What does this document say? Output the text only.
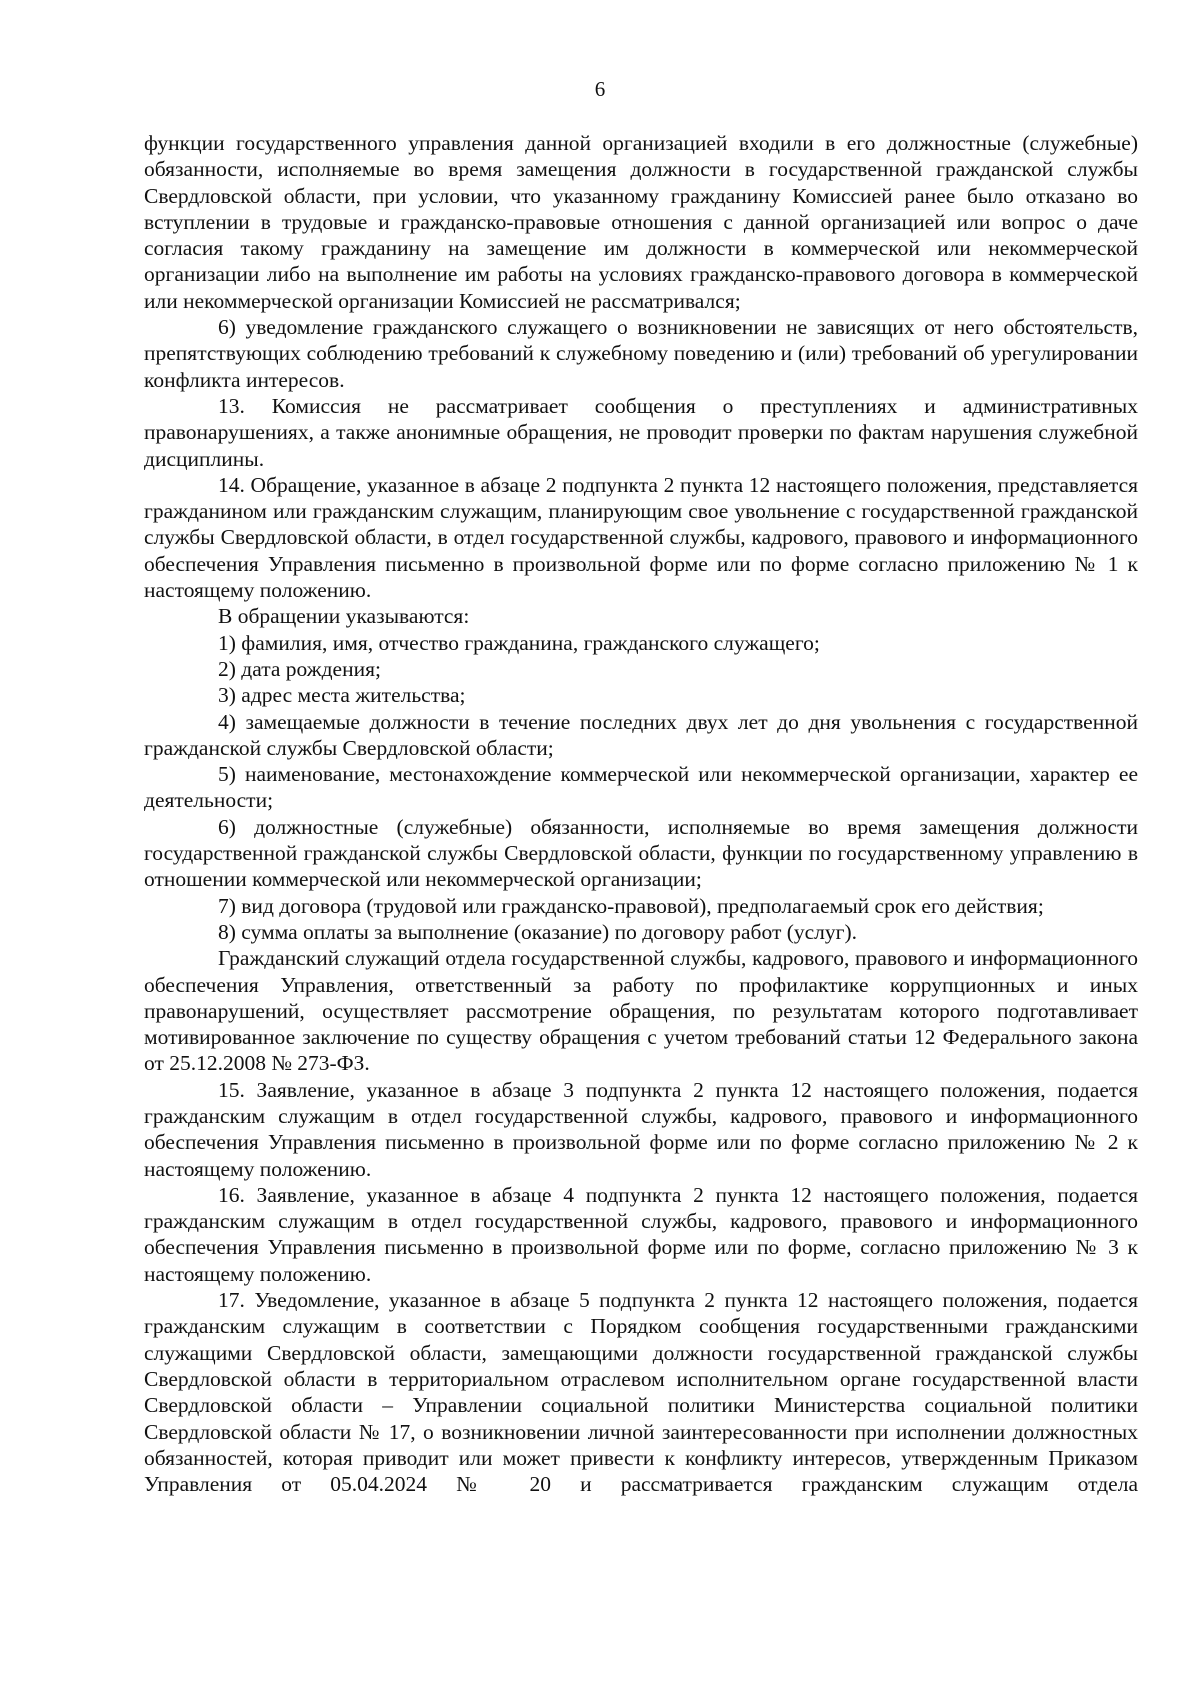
6

функции государственного управления данной организацией входили в его должностные (служебные) обязанности, исполняемые во время замещения должности в государственной гражданской службы Свердловской области, при условии, что указанному гражданину Комиссией ранее было отказано во вступлении в трудовые и гражданско-правовые отношения с данной организацией или вопрос о даче согласия такому гражданину на замещение им должности в коммерческой или некоммерческой организации либо на выполнение им работы на условиях гражданско-правового договора в коммерческой или некоммерческой организации Комиссией не рассматривался;

6) уведомление гражданского служащего о возникновении не зависящих от него обстоятельств, препятствующих соблюдению требований к служебному поведению и (или) требований об урегулировании конфликта интересов.

13. Комиссия не рассматривает сообщения о преступлениях и административных правонарушениях, а также анонимные обращения, не проводит проверки по фактам нарушения служебной дисциплины.

14. Обращение, указанное в абзаце 2 подпункта 2 пункта 12 настоящего положения, представляется гражданином или гражданским служащим, планирующим свое увольнение с государственной гражданской службы Свердловской области, в отдел государственной службы, кадрового, правового и информационного обеспечения Управления письменно в произвольной форме или по форме согласно приложению № 1 к настоящему положению.

В обращении указываются:

1) фамилия, имя, отчество гражданина, гражданского служащего;

2) дата рождения;

3) адрес места жительства;

4) замещаемые должности в течение последних двух лет до дня увольнения с государственной гражданской службы Свердловской области;

5) наименование, местонахождение коммерческой или некоммерческой организации, характер ее деятельности;

6) должностные (служебные) обязанности, исполняемые во время замещения должности государственной гражданской службы Свердловской области, функции по государственному управлению в отношении коммерческой или некоммерческой организации;

7) вид договора (трудовой или гражданско-правовой), предполагаемый срок его действия;

8) сумма оплаты за выполнение (оказание) по договору работ (услуг).

Гражданский служащий отдела государственной службы, кадрового, правового и информационного обеспечения Управления, ответственный за работу по профилактике коррупционных и иных правонарушений, осуществляет рассмотрение обращения, по результатам которого подготавливает мотивированное заключение по существу обращения с учетом требований статьи 12 Федерального закона от 25.12.2008 № 273-ФЗ.

15. Заявление, указанное в абзаце 3 подпункта 2 пункта 12 настоящего положения, подается гражданским служащим в отдел государственной службы, кадрового, правового и информационного обеспечения Управления письменно в произвольной форме или по форме согласно приложению № 2 к настоящему положению.

16. Заявление, указанное в абзаце 4 подпункта 2 пункта 12 настоящего положения, подается гражданским служащим в отдел государственной службы, кадрового, правового и информационного обеспечения Управления письменно в произвольной форме или по форме, согласно приложению № 3 к настоящему положению.

17. Уведомление, указанное в абзаце 5 подпункта 2 пункта 12 настоящего положения, подается гражданским служащим в соответствии с Порядком сообщения государственными гражданскими служащими Свердловской области, замещающими должности государственной гражданской службы Свердловской области в территориальном отраслевом исполнительном органе государственной власти Свердловской области – Управлении социальной политики Министерства социальной политики Свердловской области № 17, о возникновении личной заинтересованности при исполнении должностных обязанностей, которая приводит или может привести к конфликту интересов, утвержденным Приказом Управления от 05.04.2024 № 20 и рассматривается гражданским служащим отдела
